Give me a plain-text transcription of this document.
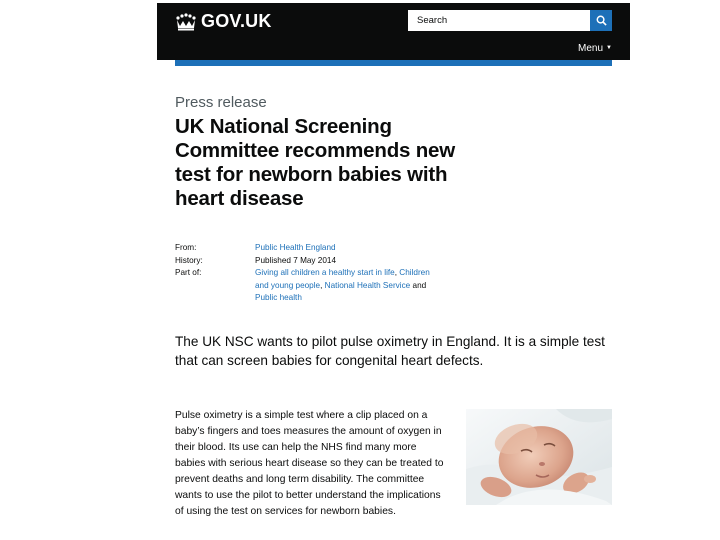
GOV.UK
Search
Menu ▼
Press release
UK National Screening Committee recommends new test for newborn babies with heart disease
From:	Public Health England
History:	Published 7 May 2014
Part of:	Giving all children a healthy start in life, Children and young people, National Health Service and Public health

The UK NSC wants to pilot pulse oximetry in England. It is a simple test that can screen babies for congenital heart defects.

Pulse oximetry is a simple test where a clip placed on a baby’s fingers and toes measures the amount of oxygen in their blood. Its use can help the NHS find many more babies with serious heart disease so they can be treated to prevent deaths and long term disability. The committee wants to use the pilot to better understand the implications of using the test on services for newborn babies.
